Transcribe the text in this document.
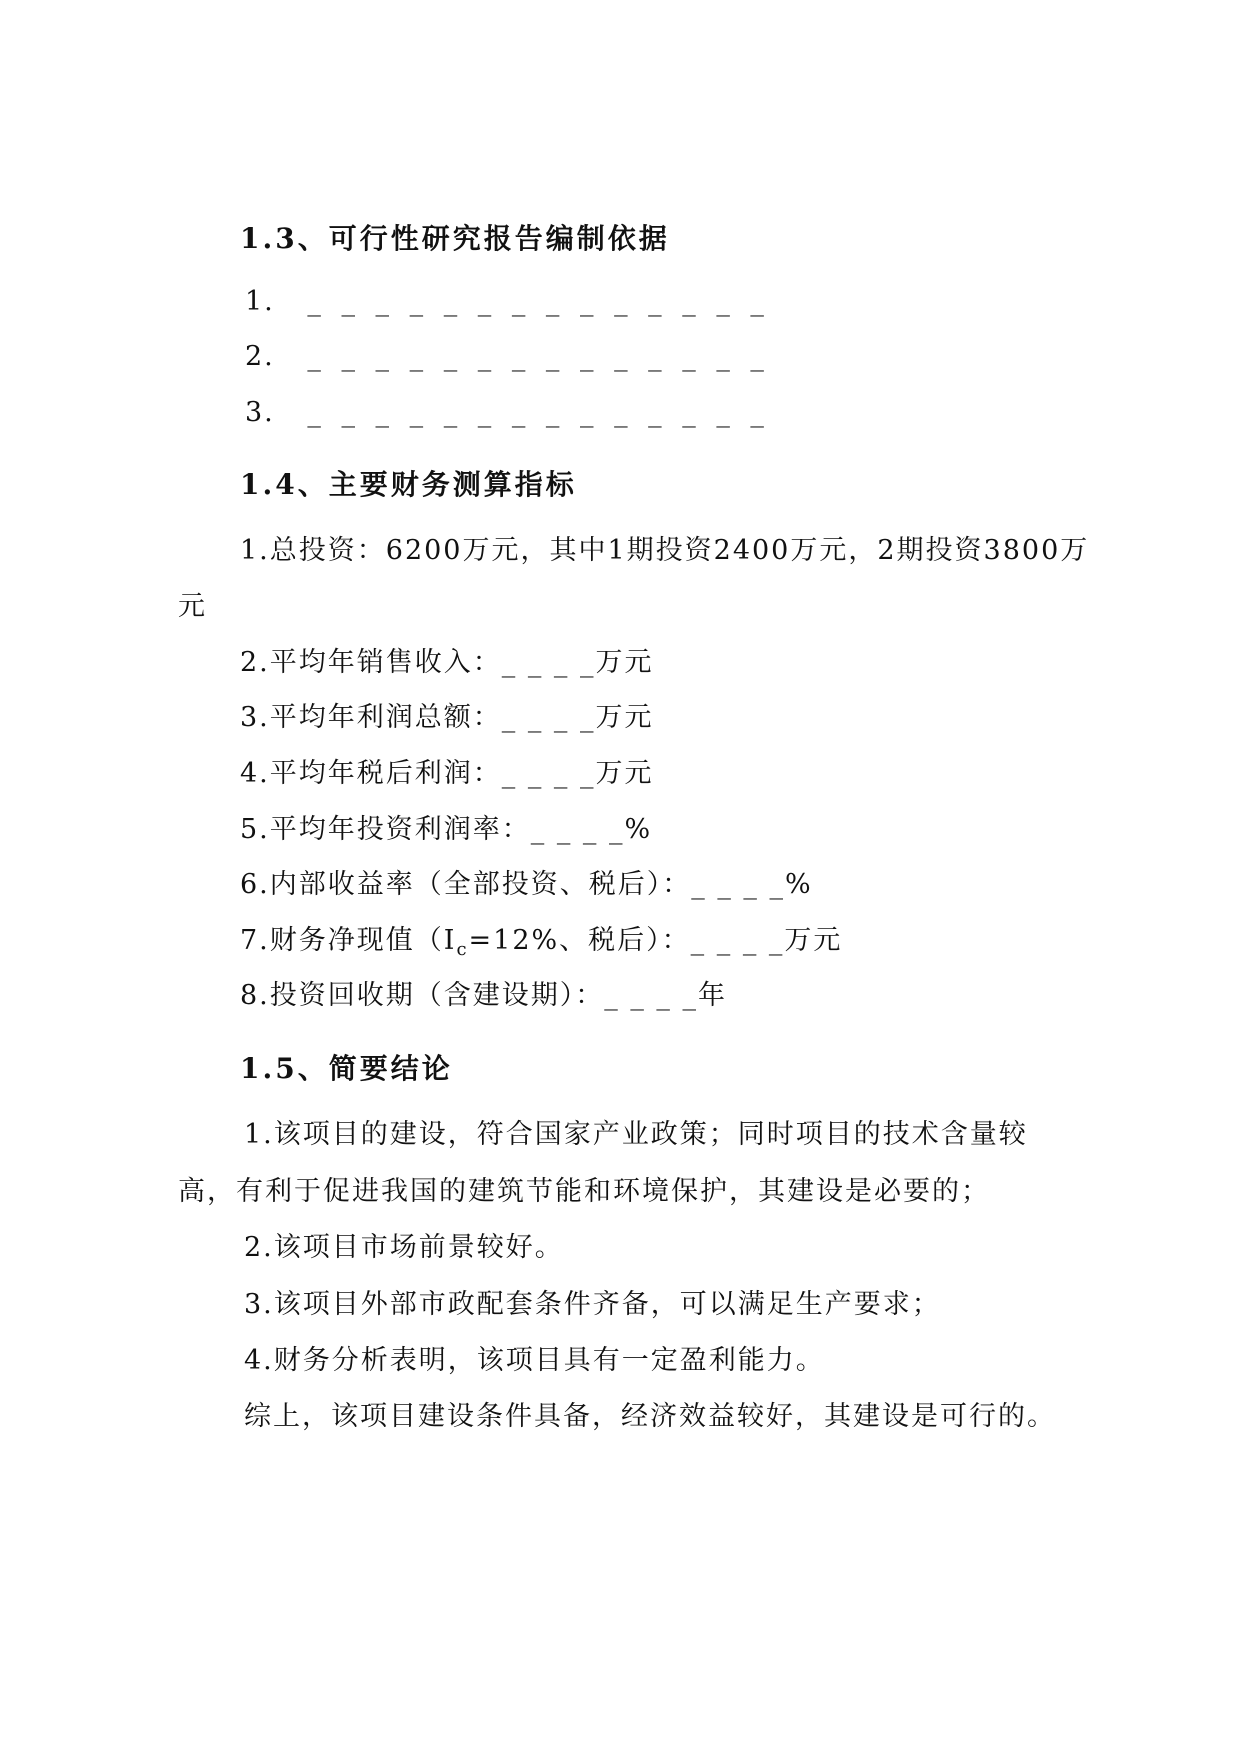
1.3、可行性研究报告编制依据
1. _ _ _ _ _ _ _ _ _ _ _ _ _ _
2. _ _ _ _ _ _ _ _ _ _ _ _ _ _
3. _ _ _ _ _ _ _ _ _ _ _ _ _ _
1.4、主要财务测算指标
1.总投资：6200万元，其中1期投资2400万元，2期投资3800万
元
2.平均年销售收入：_ _ _ _万元
3.平均年利润总额：_ _ _ _万元
4.平均年税后利润：_ _ _ _万元
5.平均年投资利润率：_ _ _ _%
6.内部收益率（全部投资、税后）：_ _ _ _%
7.财务净现值（$I_c=12\%$、税后）：_ _ _ _万元
8.投资回收期（含建设期）：_ _ _ _年
1.5、简要结论
1.该项目的建设，符合国家产业政策；同时项目的技术含量较
高，有利于促进我国的建筑节能和环境保护，其建设是必要的；
2.该项目市场前景较好。
3.该项目外部市政配套条件齐备，可以满足生产要求；
4.财务分析表明，该项目具有一定盈利能力。
综上，该项目建设条件具备，经济效益较好，其建设是可行的。
